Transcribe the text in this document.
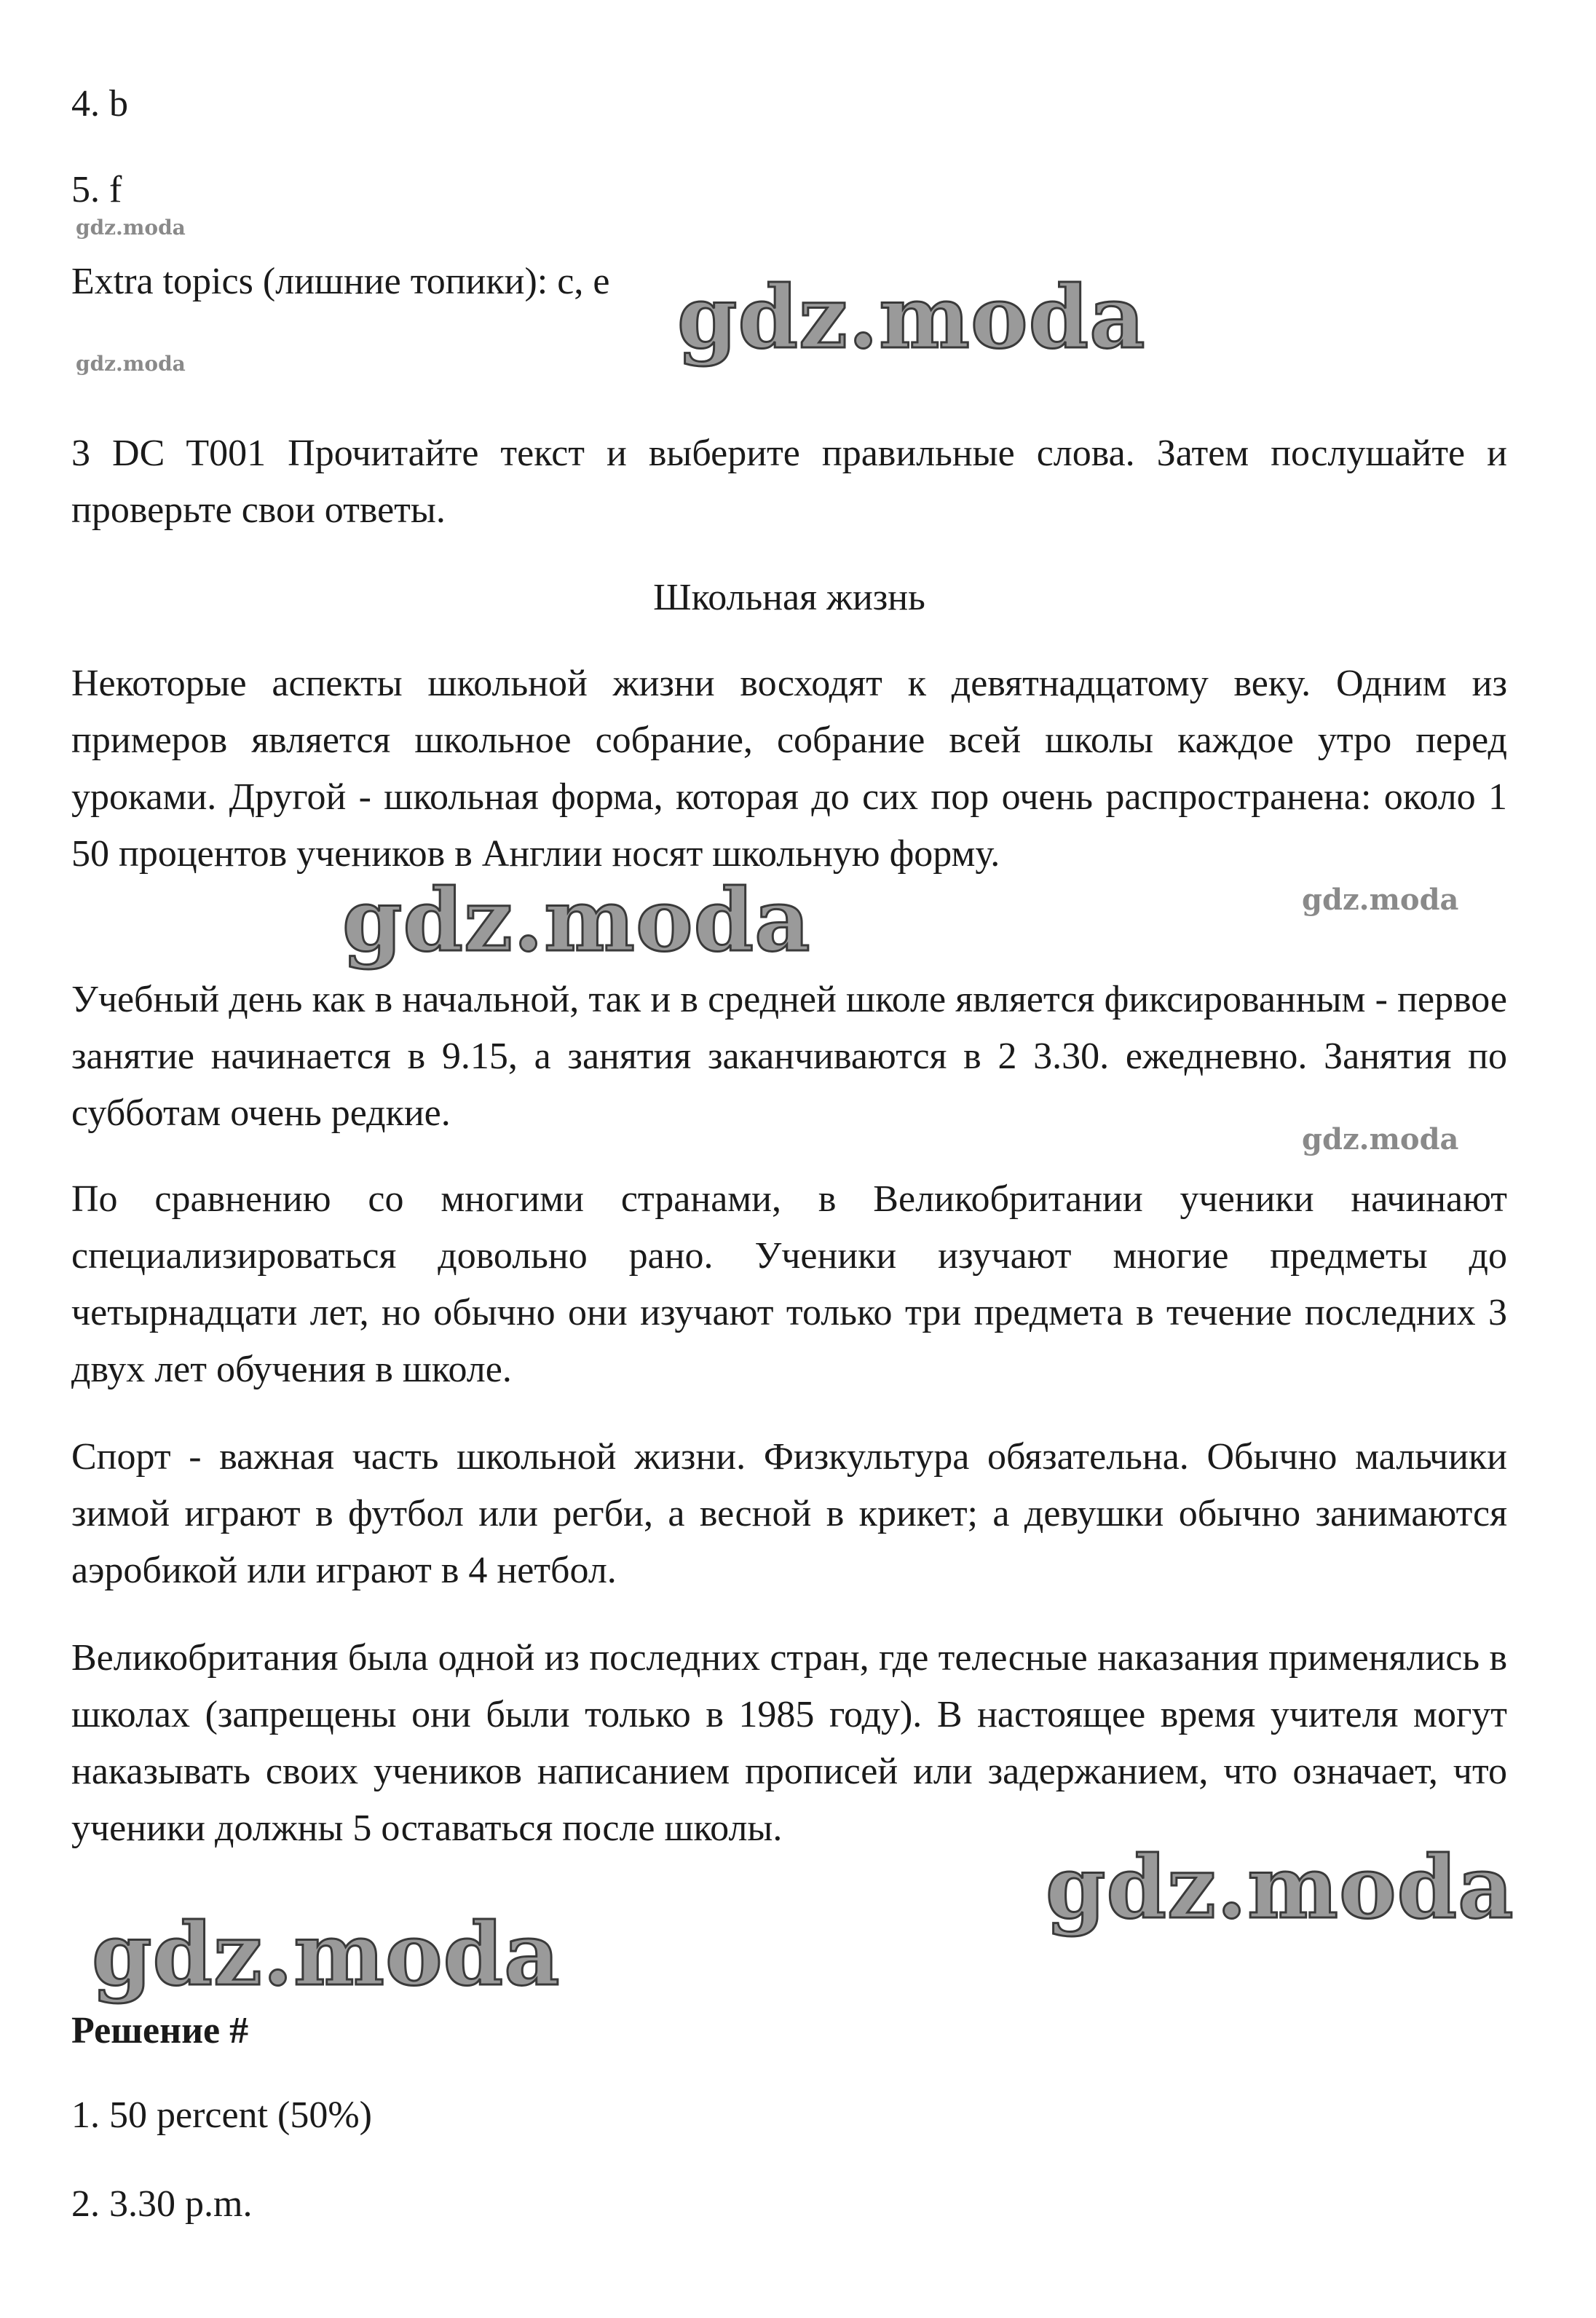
gdz.moda
gdz.moda	gdz.moda
gdz.moda	gdz.moda
gdz.moda
gdz.moda
gdz.moda
4. b
5. f
Extra topics (лишние топики): c, e
3 DC T001 Прочитайте текст и выберите правильные слова. Затем послушайте и проверьте свои ответы.
Школьная жизнь
Некоторые аспекты школьной жизни восходят к девятнадцатому веку. Одним из примеров является школьное собрание, собрание всей школы каждое утро перед уроками. Другой - школьная форма, которая до сих пор очень распространена: около 1 50 процентов учеников в Англии носят школьную форму.
Учебный день как в начальной, так и в средней школе является фиксированным - первое занятие начинается в 9.15, а занятия заканчиваются в 2 3.30. ежедневно. Занятия по субботам очень редкие.
По сравнению со многими странами, в Великобритании ученики начинают специализироваться довольно рано. Ученики изучают многие предметы до четырнадцати лет, но обычно они изучают только три предмета в течение последних 3 двух лет обучения в школе.
Спорт - важная часть школьной жизни. Физкультура обязательна. Обычно мальчики зимой играют в футбол или регби, а весной в крикет; а девушки обычно занимаются аэробикой или играют в 4 нетбол.
Великобритания была одной из последних стран, где телесные наказания применялись в школах (запрещены они были только в 1985 году). В настоящее время учителя могут наказывать своих учеников написанием прописей или задержанием, что означает, что ученики должны 5 оставаться после школы.
Решение #
1. 50 percent (50%)
2. 3.30 p.m.
